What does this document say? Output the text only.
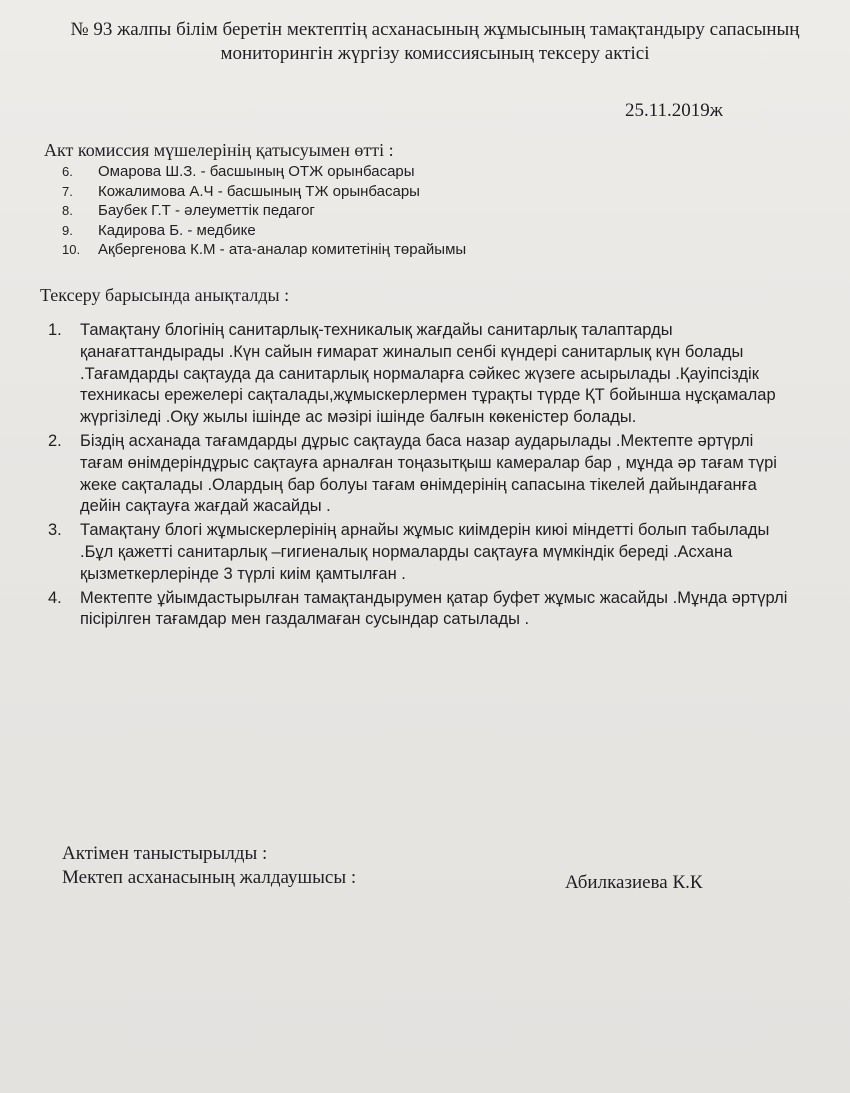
№ 93 жалпы білім беретін мектептің асханасының жұмысының тамақтандыру сапасының
мониторингін жүргізу комиссиясының тексеру актісі
25.11.2019ж
Акт комиссия мүшелерінің қатысуымен өтті :
6.	Омарова Ш.З. - басшының ОТЖ орынбасары
7.	Кожалимова А.Ч - басшының ТЖ орынбасары
8.	Баубек Г.Т - әлеуметтік педагог
9.	Кадирова Б. - медбике
10.	Ақбергенова К.М - ата-аналар комитетінің төрайымы
Тексеру барысында анықталды :
1.	Тамақтану блогінің санитарлық-техникалық жағдайы санитарлық талаптарды қанағаттандырады .Күн сайын ғимарат жиналып сенбі күндері санитарлық күн болады .Тағамдарды сақтауда да санитарлық нормаларға сәйкес жүзеге асырылады .Қауіпсіздік техникасы ережелері сақталады,жұмыскерлермен тұрақты түрде ҚТ бойынша нұсқамалар жүргізіледі .Оқу жылы ішінде ас мәзірі ішінде балғын көкеністер болады.
2.	Біздің асханада тағамдарды дұрыс сақтауда баса назар аударылады .Мектепте әртүрлі тағам өнімдеріндұрыс сақтауға арналған тоңазытқыш камералар бар , мұнда әр тағам түрі жеке сақталады .Олардың бар болуы тағам өнімдерінің сапасына тікелей дайындағанға дейін сақтауға жағдай жасайды .
3.	Тамақтану блогі жұмыскерлерінің арнайы жұмыс киімдерін киюі міндетті болып табылады .Бұл қажетті санитарлық –гигиеналық нормаларды сақтауға мүмкіндік береді .Асхана қызметкерлерінде 3 түрлі киім қамтылған .
4.	Мектепте ұйымдастырылған тамақтандырумен қатар буфет жұмыс жасайды .Мұнда әртүрлі пісірілген тағамдар мен газдалмаған сусындар сатылады .
Актімен таныстырылды :
Мектеп асханасының жалдаушысы :	Абилказиева К.К
